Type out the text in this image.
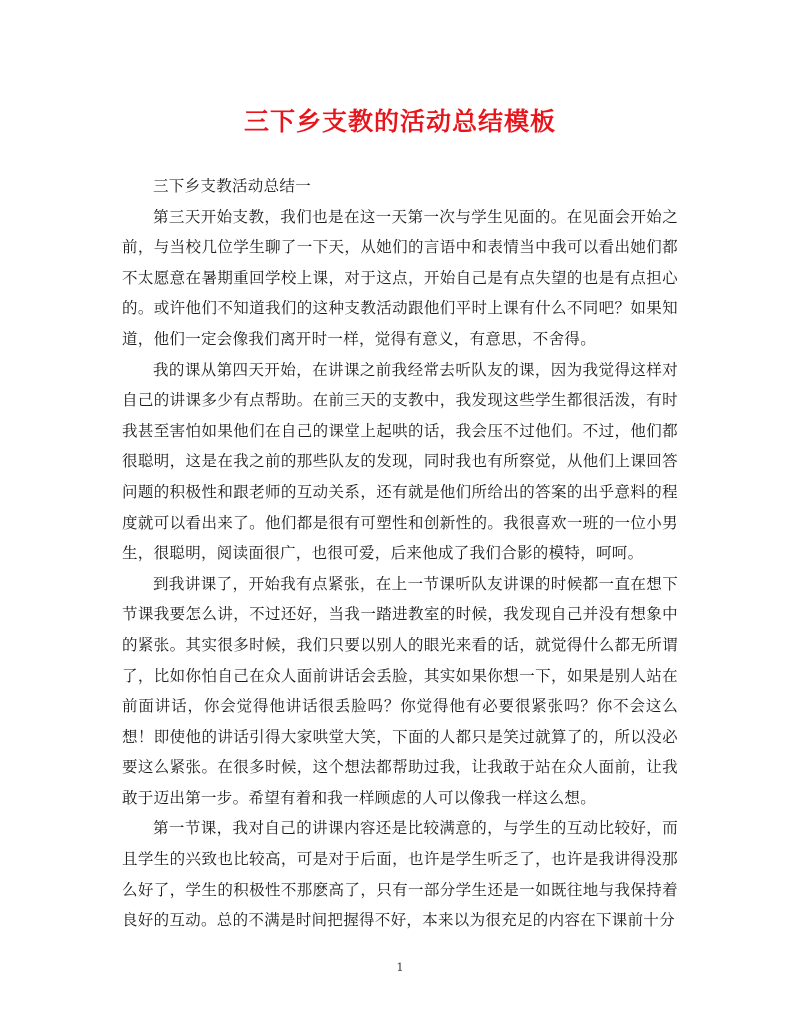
三下乡支教的活动总结模板

三下乡支教活动总结一

第三天开始支教，我们也是在这一天第一次与学生见面的。在见面会开始之前，与当校几位学生聊了一下天，从她们的言语中和表情当中我可以看出她们都不太愿意在暑期重回学校上课，对于这点，开始自己是有点失望的也是有点担心的。或许他们不知道我们的这种支教活动跟他们平时上课有什么不同吧？如果知道，他们一定会像我们离开时一样，觉得有意义，有意思，不舍得。

我的课从第四天开始，在讲课之前我经常去听队友的课，因为我觉得这样对自己的讲课多少有点帮助。在前三天的支教中，我发现这些学生都很活泼，有时我甚至害怕如果他们在自己的课堂上起哄的话，我会压不过他们。不过，他们都很聪明，这是在我之前的那些队友的发现，同时我也有所察觉，从他们上课回答问题的积极性和跟老师的互动关系，还有就是他们所给出的答案的出乎意料的程度就可以看出来了。他们都是很有可塑性和创新性的。我很喜欢一班的一位小男生，很聪明，阅读面很广，也很可爱，后来他成了我们合影的模特，呵呵。

到我讲课了，开始我有点紧张，在上一节课听队友讲课的时候都一直在想下节课我要怎么讲，不过还好，当我一踏进教室的时候，我发现自己并没有想象中的紧张。其实很多时候，我们只要以别人的眼光来看的话，就觉得什么都无所谓了，比如你怕自己在众人面前讲话会丢脸，其实如果你想一下，如果是别人站在前面讲话，你会觉得他讲话很丢脸吗？你觉得他有必要很紧张吗？你不会这么想！即使他的讲话引得大家哄堂大笑，下面的人都只是笑过就算了的，所以没必要这么紧张。在很多时候，这个想法都帮助过我，让我敢于站在众人面前，让我敢于迈出第一步。希望有着和我一样顾虑的人可以像我一样这么想。

第一节课，我对自己的讲课内容还是比较满意的，与学生的互动比较好，而且学生的兴致也比较高，可是对于后面，也许是学生听乏了，也许是我讲得没那么好了，学生的积极性不那麽高了，只有一部分学生还是一如既往地与我保持着良好的互动。总的不满是时间把握得不好，本来以为很充足的内容在下课前十分

1
